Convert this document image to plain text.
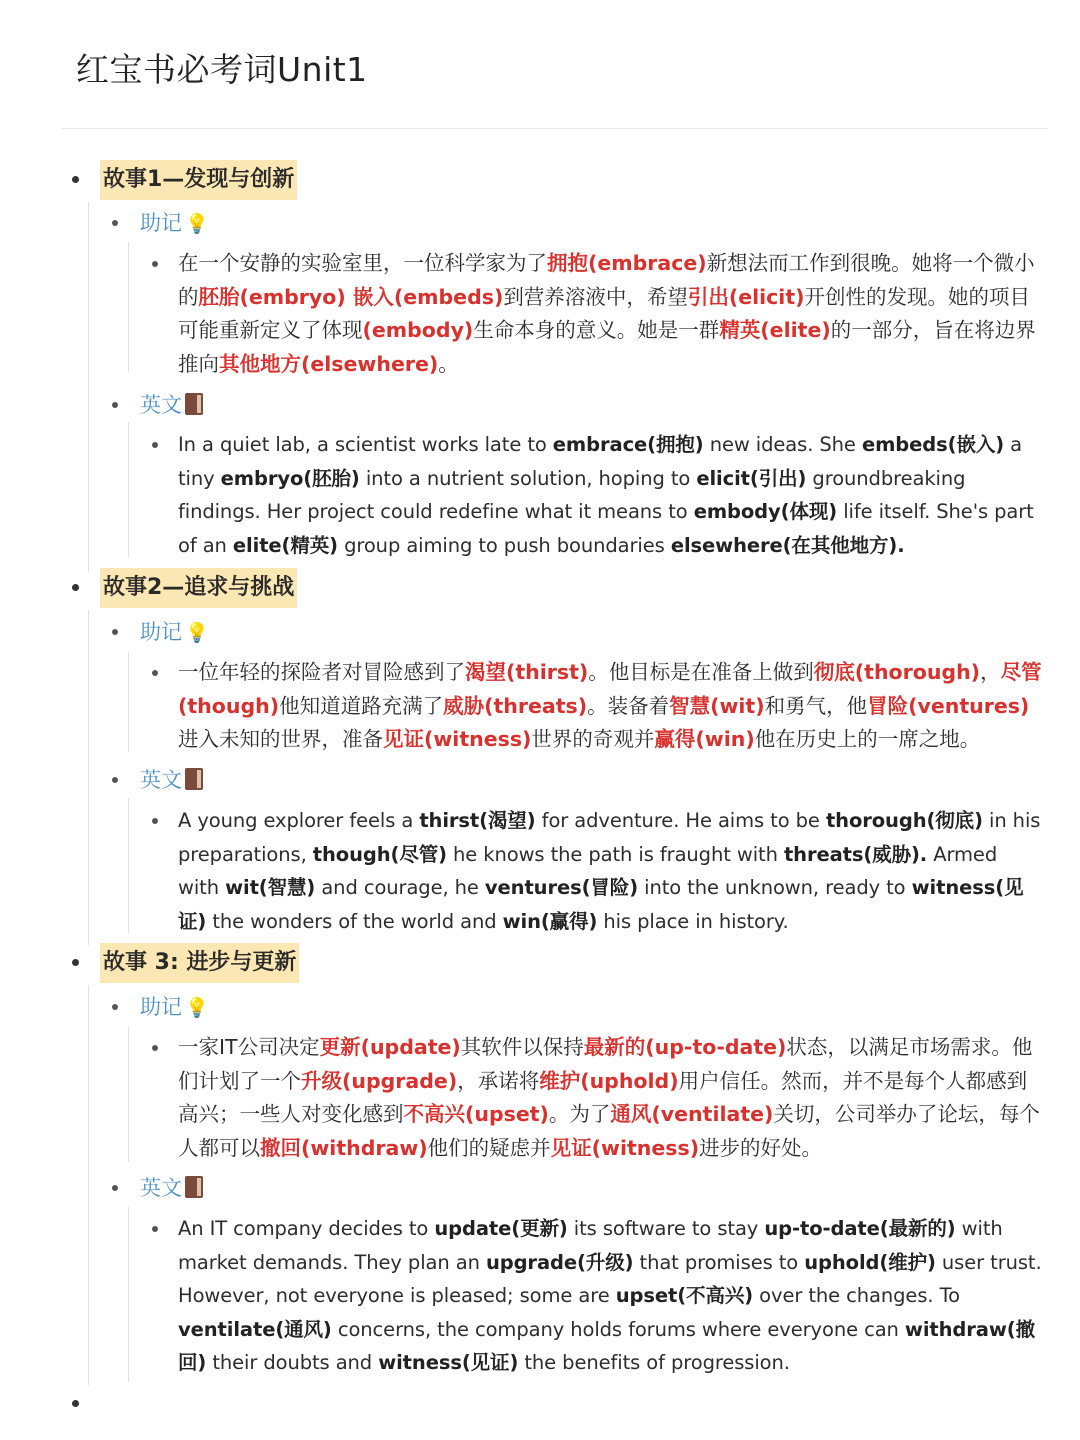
红宝书必考词Unit1
故事1—发现与创新
助记 💡
在一个安静的实验室里，一位科学家为了拥抱(embrace)新想法而工作到很晚。她将一个微小的胚胎(embryo) 嵌入(embeds)到营养溶液中，希望引出(elicit)开创性的发现。她的项目可能重新定义了体现(embody)生命本身的意义。她是一群精英(elite)的一部分，旨在将边界推向其他地方(elsewhere)。
英文
In a quiet lab, a scientist works late to embrace(拥抱) new ideas. She embeds(嵌入) a tiny embryo(胚胎) into a nutrient solution, hoping to elicit(引出) groundbreaking findings. Her project could redefine what it means to embody(体现) life itself. She's part of an elite(精英) group aiming to push boundaries elsewhere(在其他地方).
故事2—追求与挑战
助记 💡
一位年轻的探险者对冒险感到了渴望(thirst)。他目标是在准备上做到彻底(thorough)，尽管(though)他知道道路充满了威胁(threats)。装备着智慧(wit)和勇气，他冒险(ventures)进入未知的世界，准备见证(witness)世界的奇观并赢得(win)他在历史上的一席之地。
英文
A young explorer feels a thirst(渴望) for adventure. He aims to be thorough(彻底) in his preparations, though(尽管) he knows the path is fraught with threats(威胁). Armed with wit(智慧) and courage, he ventures(冒险) into the unknown, ready to witness(见证) the wonders of the world and win(赢得) his place in history.
故事 3: 进步与更新
助记 💡
一家IT公司决定更新(update)其软件以保持最新的(up-to-date)状态，以满足市场需求。他们计划了一个升级(upgrade)，承诺将维护(uphold)用户信任。然而，并不是每个人都感到高兴；一些人对变化感到不高兴(upset)。为了通风(ventilate)关切，公司举办了论坛，每个人都可以撤回(withdraw)他们的疑虑并见证(witness)进步的好处。
英文
An IT company decides to update(更新) its software to stay up-to-date(最新的) with market demands. They plan an upgrade(升级) that promises to uphold(维护) user trust. However, not everyone is pleased; some are upset(不高兴) over the changes. To ventilate(通风) concerns, the company holds forums where everyone can withdraw(撤回) their doubts and witness(见证) the benefits of progression.
